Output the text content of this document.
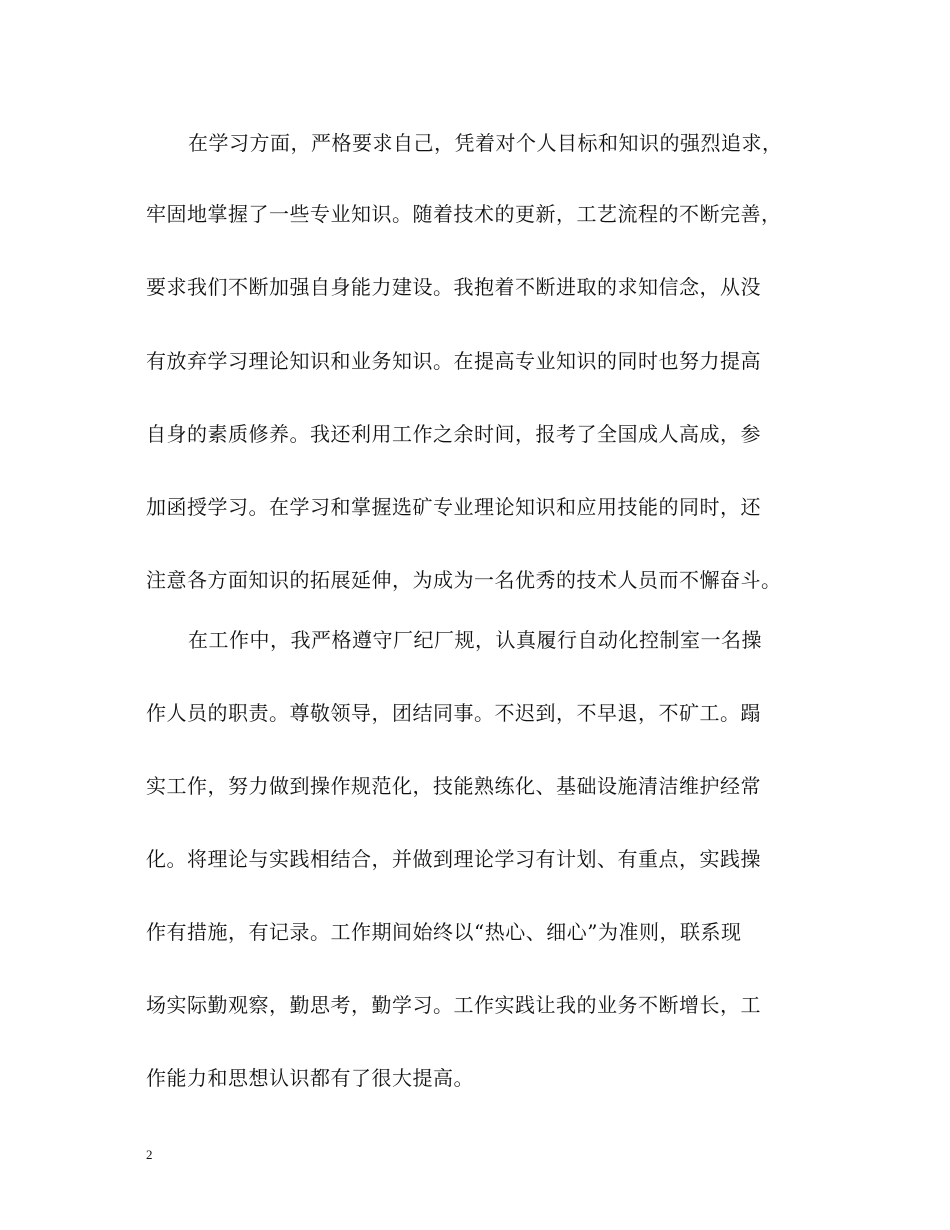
在学习方面，严格要求自己，凭着对个人目标和知识的强烈追求，
牢固地掌握了一些专业知识。随着技术的更新，工艺流程的不断完善，
要求我们不断加强自身能力建设。我抱着不断进取的求知信念，从没
有放弃学习理论知识和业务知识。在提高专业知识的同时也努力提高
自身的素质修养。我还利用工作之余时间，报考了全国成人高成，参
加函授学习。在学习和掌握选矿专业理论知识和应用技能的同时，还
注意各方面知识的拓展延伸，为成为一名优秀的技术人员而不懈奋斗。
在工作中，我严格遵守厂纪厂规，认真履行自动化控制室一名操
作人员的职责。尊敬领导，团结同事。不迟到，不早退，不矿工。蹋
实工作，努力做到操作规范化，技能熟练化、基础设施清洁维护经常
化。将理论与实践相结合，并做到理论学习有计划、有重点，实践操
作有措施，有记录。工作期间始终以“热心、细心”为准则，联系现
场实际勤观察，勤思考，勤学习。工作实践让我的业务不断增长，工
作能力和思想认识都有了很大提高。
2
